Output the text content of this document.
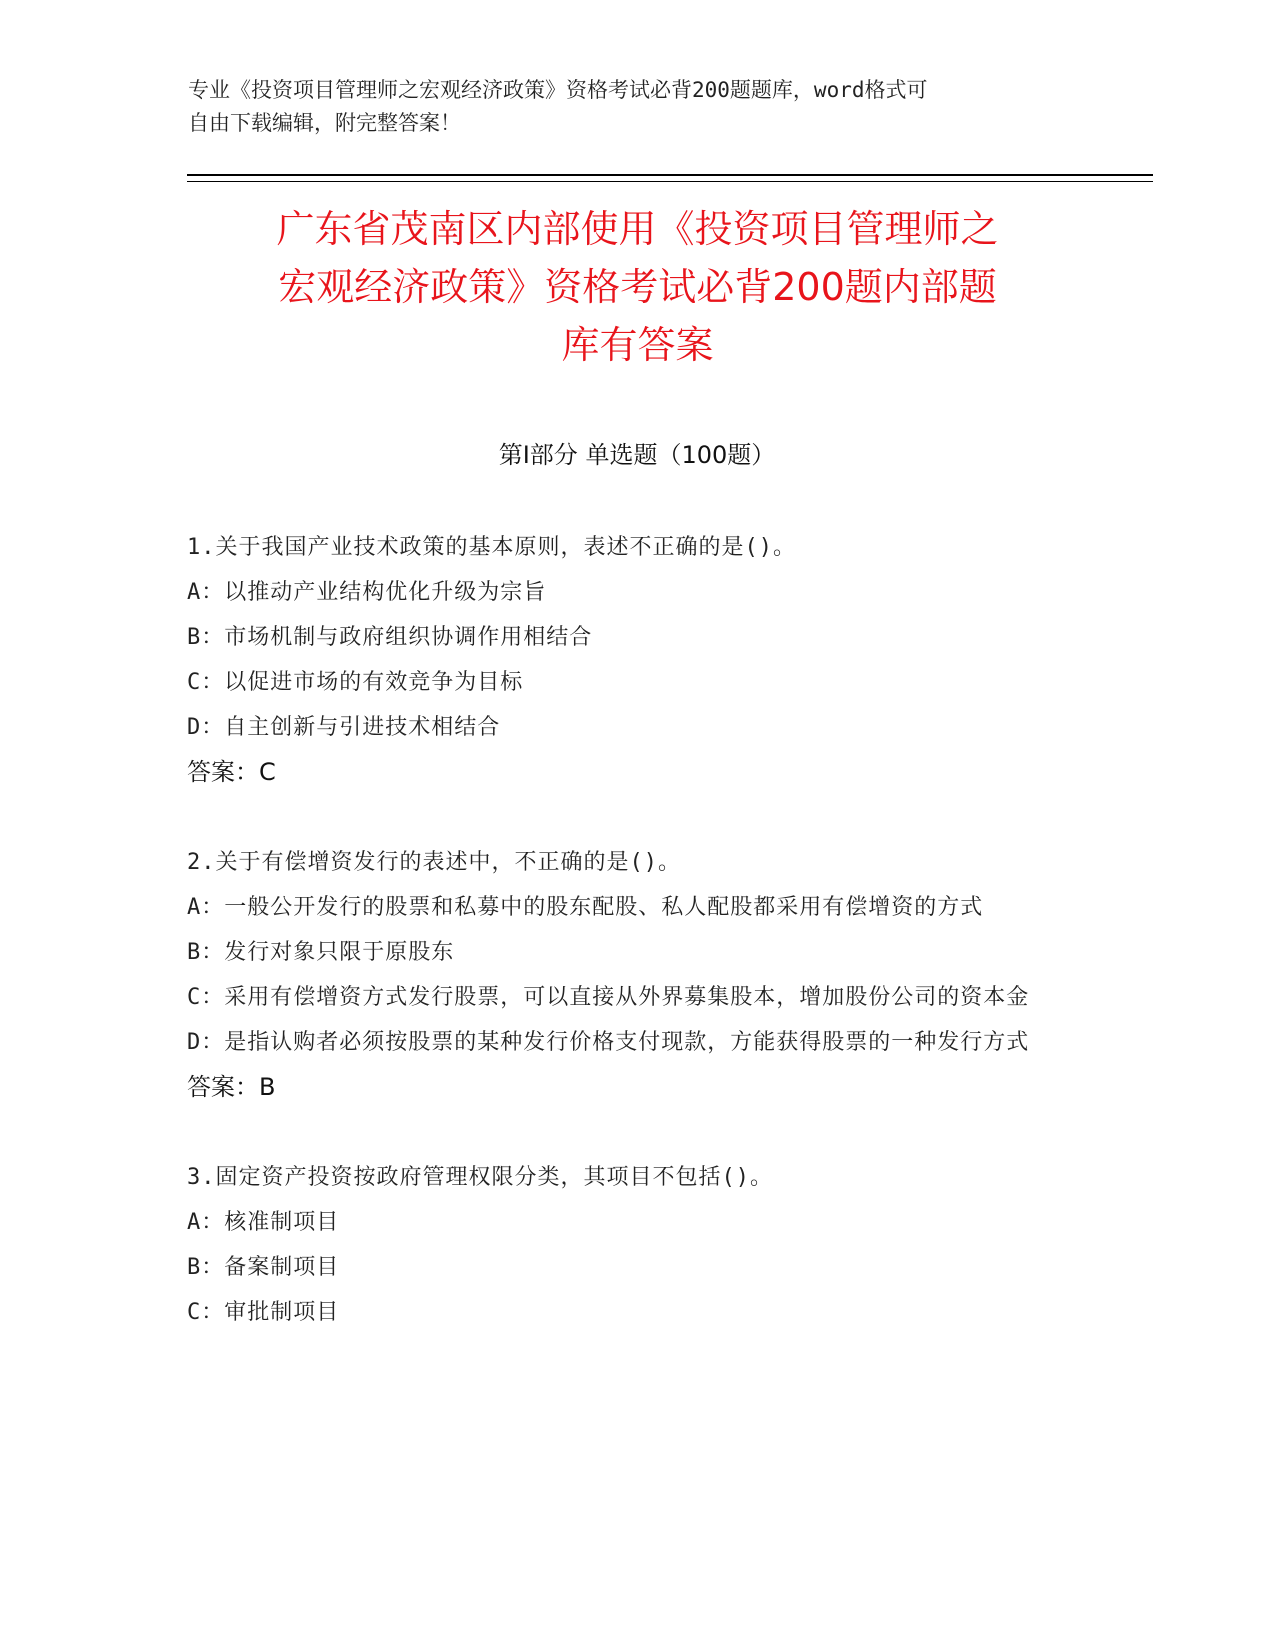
专业《投资项目管理师之宏观经济政策》资格考试必背200题题库，word格式可
自由下载编辑，附完整答案！
广东省茂南区内部使用《投资项目管理师之
宏观经济政策》资格考试必背200题内部题
库有答案
第Ⅰ部分 单选题（100题）
1.关于我国产业技术政策的基本原则，表述不正确的是()。
A：以推动产业结构优化升级为宗旨
B：市场机制与政府组织协调作用相结合
C：以促进市场的有效竞争为目标
D：自主创新与引进技术相结合
答案：C
2.关于有偿增资发行的表述中，不正确的是()。
A：一般公开发行的股票和私募中的股东配股、私人配股都采用有偿增资的方式
B：发行对象只限于原股东
C：采用有偿增资方式发行股票，可以直接从外界募集股本，增加股份公司的资本金
D：是指认购者必须按股票的某种发行价格支付现款，方能获得股票的一种发行方式
答案：B
3.固定资产投资按政府管理权限分类，其项目不包括()。
A：核准制项目
B：备案制项目
C：审批制项目
